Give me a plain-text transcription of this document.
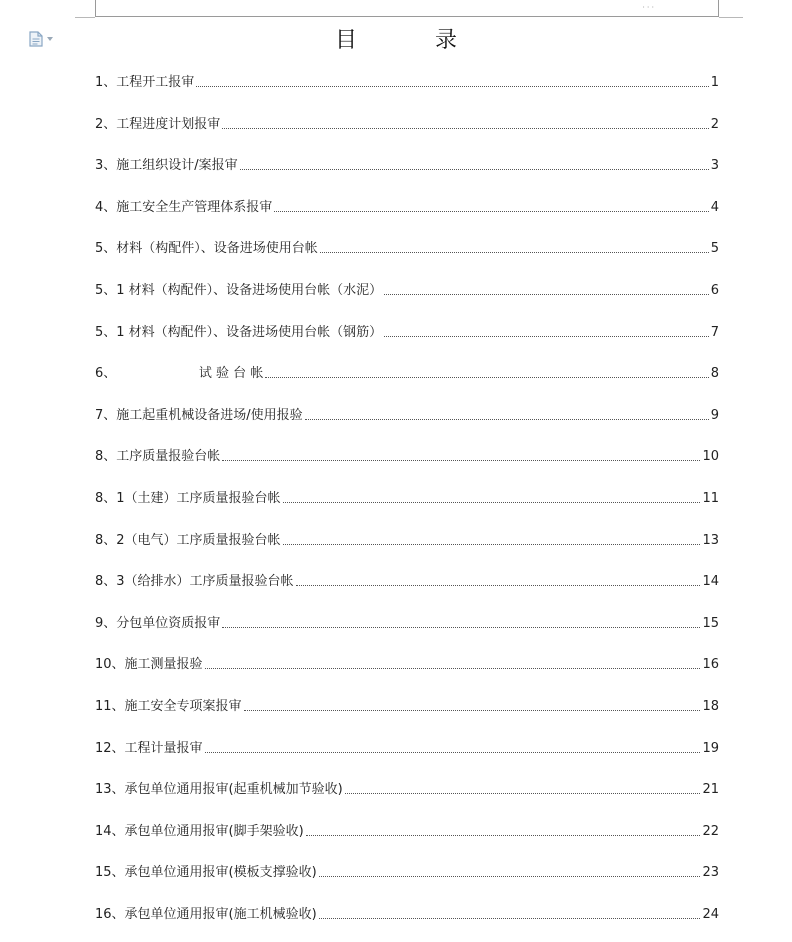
···
目　录
1、工程开工报审	1
2、工程进度计划报审	2
3、施工组织设计/案报审	3
4、施工安全生产管理体系报审	4
5、材料（构配件）、设备进场使用台帐	5
5、1 材料（构配件）、设备进场使用台帐（水泥）	6
5、1 材料（构配件）、设备进场使用台帐（钢筋）	7
6、                    试 验 台 帐	8
7、施工起重机械设备进场/使用报验	9
8、工序质量报验台帐	10
8、1（土建）工序质量报验台帐	11
8、2（电气）工序质量报验台帐	13
8、3（给排水）工序质量报验台帐	14
9、分包单位资质报审	15
10、施工测量报验	16
11、施工安全专项案报审	18
12、工程计量报审	19
13、承包单位通用报审(起重机械加节验收)	21
14、承包单位通用报审(脚手架验收)	22
15、承包单位通用报审(模板支撑验收)	23
16、承包单位通用报审(施工机械验收)	24
